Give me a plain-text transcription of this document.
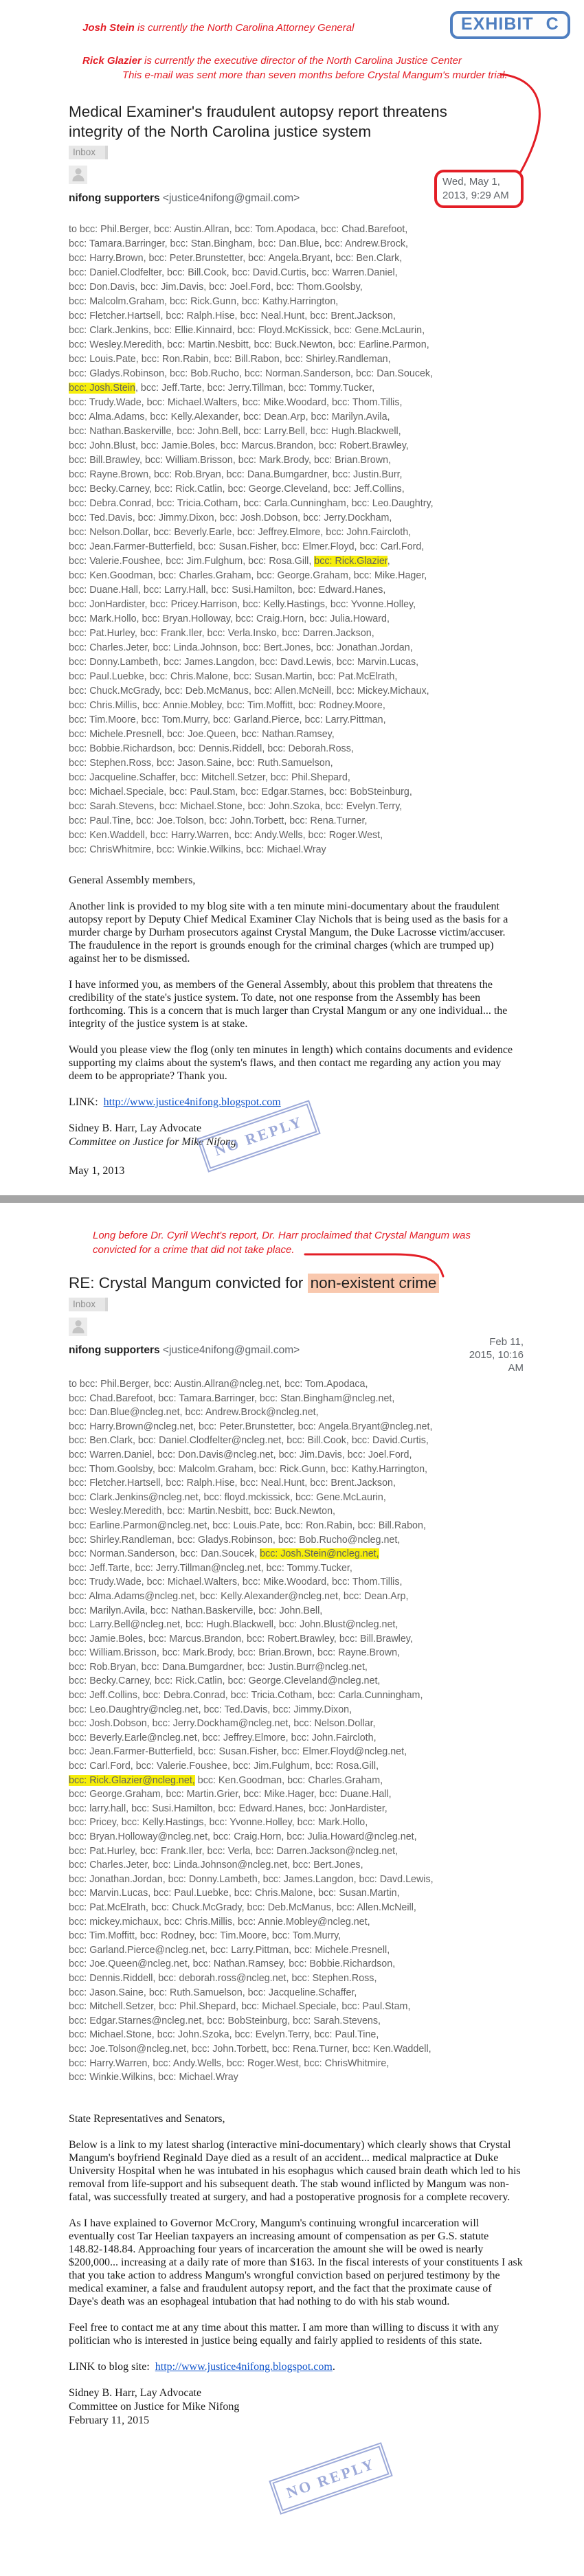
Josh Stein is currently the North Carolina Attorney General
Rick Glazier is currently the executive director of the North Carolina Justice Center
This e-mail was sent more than seven months before Crystal Mangum's murder trial.
EXHIBIT C
Medical Examiner's fraudulent autopsy report threatens integrity of the North Carolina justice system
Inbox
nifong supporters <justice4nifong@gmail.com>
Wed, May 1, 2013, 9:29 AM
to bcc: Phil.Berger, bcc: Austin.Allran, bcc: Tom.Apodaca, bcc: Chad.Barefoot,
bcc: Tamara.Barringer, bcc: Stan.Bingham, bcc: Dan.Blue, bcc: Andrew.Brock,
bcc: Harry.Brown, bcc: Peter.Brunstetter, bcc: Angela.Bryant, bcc: Ben.Clark,
bcc: Daniel.Clodfelter, bcc: Bill.Cook, bcc: David.Curtis, bcc: Warren.Daniel,
bcc: Don.Davis, bcc: Jim.Davis, bcc: Joel.Ford, bcc: Thom.Goolsby,
bcc: Malcolm.Graham, bcc: Rick.Gunn, bcc: Kathy.Harrington,
bcc: Fletcher.Hartsell, bcc: Ralph.Hise, bcc: Neal.Hunt, bcc: Brent.Jackson,
bcc: Clark.Jenkins, bcc: Ellie.Kinnaird, bcc: Floyd.McKissick, bcc: Gene.McLaurin,
bcc: Wesley.Meredith, bcc: Martin.Nesbitt, bcc: Buck.Newton, bcc: Earline.Parmon,
bcc: Louis.Pate, bcc: Ron.Rabin, bcc: Bill.Rabon, bcc: Shirley.Randleman,
bcc: Gladys.Robinson, bcc: Bob.Rucho, bcc: Norman.Sanderson, bcc: Dan.Soucek,
bcc: Josh.Stein, bcc: Jeff.Tarte, bcc: Jerry.Tillman, bcc: Tommy.Tucker,
bcc: Trudy.Wade, bcc: Michael.Walters, bcc: Mike.Woodard, bcc: Thom.Tillis,
bcc: Alma.Adams, bcc: Kelly.Alexander, bcc: Dean.Arp, bcc: Marilyn.Avila,
bcc: Nathan.Baskerville, bcc: John.Bell, bcc: Larry.Bell, bcc: Hugh.Blackwell,
bcc: John.Blust, bcc: Jamie.Boles, bcc: Marcus.Brandon, bcc: Robert.Brawley,
bcc: Bill.Brawley, bcc: William.Brisson, bcc: Mark.Brody, bcc: Brian.Brown,
bcc: Rayne.Brown, bcc: Rob.Bryan, bcc: Dana.Bumgardner, bcc: Justin.Burr,
bcc: Becky.Carney, bcc: Rick.Catlin, bcc: George.Cleveland, bcc: Jeff.Collins,
bcc: Debra.Conrad, bcc: Tricia.Cotham, bcc: Carla.Cunningham, bcc: Leo.Daughtry,
bcc: Ted.Davis, bcc: Jimmy.Dixon, bcc: Josh.Dobson, bcc: Jerry.Dockham,
bcc: Nelson.Dollar, bcc: Beverly.Earle, bcc: Jeffrey.Elmore, bcc: John.Faircloth,
bcc: Jean.Farmer-Butterfield, bcc: Susan.Fisher, bcc: Elmer.Floyd, bcc: Carl.Ford,
bcc: Valerie.Foushee, bcc: Jim.Fulghum, bcc: Rosa.Gill, bcc: Rick.Glazier,
bcc: Ken.Goodman, bcc: Charles.Graham, bcc: George.Graham, bcc: Mike.Hager,
bcc: Duane.Hall, bcc: Larry.Hall, bcc: Susi.Hamilton, bcc: Edward.Hanes,
bcc: JonHardister, bcc: Pricey.Harrison, bcc: Kelly.Hastings, bcc: Yvonne.Holley,
bcc: Mark.Hollo, bcc: Bryan.Holloway, bcc: Craig.Horn, bcc: Julia.Howard,
bcc: Pat.Hurley, bcc: Frank.Iler, bcc: Verla.Insko, bcc: Darren.Jackson,
bcc: Charles.Jeter, bcc: Linda.Johnson, bcc: Bert.Jones, bcc: Jonathan.Jordan,
bcc: Donny.Lambeth, bcc: James.Langdon, bcc: Davd.Lewis, bcc: Marvin.Lucas,
bcc: Paul.Luebke, bcc: Chris.Malone, bcc: Susan.Martin, bcc: Pat.McElrath,
bcc: Chuck.McGrady, bcc: Deb.McManus, bcc: Allen.McNeill, bcc: Mickey.Michaux,
bcc: Chris.Millis, bcc: Annie.Mobley, bcc: Tim.Moffitt, bcc: Rodney.Moore,
bcc: Tim.Moore, bcc: Tom.Murry, bcc: Garland.Pierce, bcc: Larry.Pittman,
bcc: Michele.Presnell, bcc: Joe.Queen, bcc: Nathan.Ramsey,
bcc: Bobbie.Richardson, bcc: Dennis.Riddell, bcc: Deborah.Ross,
bcc: Stephen.Ross, bcc: Jason.Saine, bcc: Ruth.Samuelson,
bcc: Jacqueline.Schaffer, bcc: Mitchell.Setzer, bcc: Phil.Shepard,
bcc: Michael.Speciale, bcc: Paul.Stam, bcc: Edgar.Starnes, bcc: BobSteinburg,
bcc: Sarah.Stevens, bcc: Michael.Stone, bcc: John.Szoka, bcc: Evelyn.Terry,
bcc: Paul.Tine, bcc: Joe.Tolson, bcc: John.Torbett, bcc: Rena.Turner,
bcc: Ken.Waddell, bcc: Harry.Warren, bcc: Andy.Wells, bcc: Roger.West,
bcc: ChrisWhitmire, bcc: Winkie.Wilkins, bcc: Michael.Wray

General Assembly members,

Another link is provided to my blog site with a ten minute mini-documentary about the fraudulent autopsy report by Deputy Chief Medical Examiner Clay Nichols that is being used as the basis for a murder charge by Durham prosecutors against Crystal Mangum, the Duke Lacrosse victim/accuser. The fraudulence in the report is grounds enough for the criminal charges (which are trumped up) against her to be dismissed.

I have informed you, as members of the General Assembly, about this problem that threatens the credibility of the state's justice system. To date, not one response from the Assembly has been forthcoming. This is a concern that is much larger than Crystal Mangum or any one individual... the integrity of the justice system is at stake.

Would you please view the flog (only ten minutes in length) which contains documents and evidence supporting my claims about the system's flaws, and then contact me regarding any action you may deem to be appropriate? Thank you.

LINK: http://www.justice4nifong.blogspot.com

Sidney B. Harr, Lay Advocate
Committee on Justice for Mike Nifong
May 1, 2013
NO REPLY
Long before Dr. Cyril Wecht's report, Dr. Harr proclaimed that Crystal Mangum was convicted for a crime that did not take place.
RE: Crystal Mangum convicted for non-existent crime
Inbox
nifong supporters <justice4nifong@gmail.com>
Feb 11, 2015, 10:16 AM
to bcc: Phil.Berger, bcc: Austin.Allran@ncleg.net, bcc: Tom.Apodaca,
bcc: Chad.Barefoot, bcc: Tamara.Barringer, bcc: Stan.Bingham@ncleg.net,
bcc: Dan.Blue@ncleg.net, bcc: Andrew.Brock@ncleg.net,
bcc: Harry.Brown@ncleg.net, bcc: Peter.Brunstetter, bcc: Angela.Bryant@ncleg.net,
bcc: Ben.Clark, bcc: Daniel.Clodfelter@ncleg.net, bcc: Bill.Cook, bcc: David.Curtis,
bcc: Warren.Daniel, bcc: Don.Davis@ncleg.net, bcc: Jim.Davis, bcc: Joel.Ford,
bcc: Thom.Goolsby, bcc: Malcolm.Graham, bcc: Rick.Gunn, bcc: Kathy.Harrington,
bcc: Fletcher.Hartsell, bcc: Ralph.Hise, bcc: Neal.Hunt, bcc: Brent.Jackson,
bcc: Clark.Jenkins@ncleg.net, bcc: floyd.mckissick, bcc: Gene.McLaurin,
bcc: Wesley.Meredith, bcc: Martin.Nesbitt, bcc: Buck.Newton,
bcc: Earline.Parmon@ncleg.net, bcc: Louis.Pate, bcc: Ron.Rabin, bcc: Bill.Rabon,
bcc: Shirley.Randleman, bcc: Gladys.Robinson, bcc: Bob.Rucho@ncleg.net,
bcc: Norman.Sanderson, bcc: Dan.Soucek, bcc: Josh.Stein@ncleg.net,
bcc: Jeff.Tarte, bcc: Jerry.Tillman@ncleg.net, bcc: Tommy.Tucker,
bcc: Trudy.Wade, bcc: Michael.Walters, bcc: Mike.Woodard, bcc: Thom.Tillis,
bcc: Alma.Adams@ncleg.net, bcc: Kelly.Alexander@ncleg.net, bcc: Dean.Arp,
bcc: Marilyn.Avila, bcc: Nathan.Baskerville, bcc: John.Bell,
bcc: Larry.Bell@ncleg.net, bcc: Hugh.Blackwell, bcc: John.Blust@ncleg.net,
bcc: Jamie.Boles, bcc: Marcus.Brandon, bcc: Robert.Brawley, bcc: Bill.Brawley,
bcc: William.Brisson, bcc: Mark.Brody, bcc: Brian.Brown, bcc: Rayne.Brown,
bcc: Rob.Bryan, bcc: Dana.Bumgardner, bcc: Justin.Burr@ncleg.net,
bcc: Becky.Carney, bcc: Rick.Catlin, bcc: George.Cleveland@ncleg.net,
bcc: Jeff.Collins, bcc: Debra.Conrad, bcc: Tricia.Cotham, bcc: Carla.Cunningham,
bcc: Leo.Daughtry@ncleg.net, bcc: Ted.Davis, bcc: Jimmy.Dixon,
bcc: Josh.Dobson, bcc: Jerry.Dockham@ncleg.net, bcc: Nelson.Dollar,
bcc: Beverly.Earle@ncleg.net, bcc: Jeffrey.Elmore, bcc: John.Faircloth,
bcc: Jean.Farmer-Butterfield, bcc: Susan.Fisher, bcc: Elmer.Floyd@ncleg.net,
bcc: Carl.Ford, bcc: Valerie.Foushee, bcc: Jim.Fulghum, bcc: Rosa.Gill,
bcc: Rick.Glazier@ncleg.net, bcc: Ken.Goodman, bcc: Charles.Graham,
bcc: George.Graham, bcc: Martin.Grier, bcc: Mike.Hager, bcc: Duane.Hall,
bcc: larry.hall, bcc: Susi.Hamilton, bcc: Edward.Hanes, bcc: JonHardister,
bcc: Pricey, bcc: Kelly.Hastings, bcc: Yvonne.Holley, bcc: Mark.Hollo,
bcc: Bryan.Holloway@ncleg.net, bcc: Craig.Horn, bcc: Julia.Howard@ncleg.net,
bcc: Pat.Hurley, bcc: Frank.Iler, bcc: Verla, bcc: Darren.Jackson@ncleg.net,
bcc: Charles.Jeter, bcc: Linda.Johnson@ncleg.net, bcc: Bert.Jones,
bcc: Jonathan.Jordan, bcc: Donny.Lambeth, bcc: James.Langdon, bcc: Davd.Lewis,
bcc: Marvin.Lucas, bcc: Paul.Luebke, bcc: Chris.Malone, bcc: Susan.Martin,
bcc: Pat.McElrath, bcc: Chuck.McGrady, bcc: Deb.McManus, bcc: Allen.McNeill,
bcc: mickey.michaux, bcc: Chris.Millis, bcc: Annie.Mobley@ncleg.net,
bcc: Tim.Moffitt, bcc: Rodney, bcc: Tim.Moore, bcc: Tom.Murry,
bcc: Garland.Pierce@ncleg.net, bcc: Larry.Pittman, bcc: Michele.Presnell,
bcc: Joe.Queen@ncleg.net, bcc: Nathan.Ramsey, bcc: Bobbie.Richardson,
bcc: Dennis.Riddell, bcc: deborah.ross@ncleg.net, bcc: Stephen.Ross,
bcc: Jason.Saine, bcc: Ruth.Samuelson, bcc: Jacqueline.Schaffer,
bcc: Mitchell.Setzer, bcc: Phil.Shepard, bcc: Michael.Speciale, bcc: Paul.Stam,
bcc: Edgar.Starnes@ncleg.net, bcc: BobSteinburg, bcc: Sarah.Stevens,
bcc: Michael.Stone, bcc: John.Szoka, bcc: Evelyn.Terry, bcc: Paul.Tine,
bcc: Joe.Tolson@ncleg.net, bcc: John.Torbett, bcc: Rena.Turner, bcc: Ken.Waddell,
bcc: Harry.Warren, bcc: Andy.Wells, bcc: Roger.West, bcc: ChrisWhitmire,
bcc: Winkie.Wilkins, bcc: Michael.Wray

State Representatives and Senators,

Below is a link to my latest sharlog (interactive mini-documentary) which clearly shows that Crystal Mangum's boyfriend Reginald Daye died as a result of an accident... medical malpractice at Duke University Hospital when he was intubated in his esophagus which caused brain death which led to his removal from life-support and his subsequent death. The stab wound inflicted by Mangum was non-fatal, was successfully treated at surgery, and had a postoperative prognosis for a complete recovery.

As I have explained to Governor McCrory, Mangum's continuing wrongful incarceration will eventually cost Tar Heelian taxpayers an increasing amount of compensation as per G.S. statute 148.82-148.84. Approaching four years of incarceration the amount she will be owed is nearly $200,000... increasing at a daily rate of more than $163. In the fiscal interests of your constituents I ask that you take action to address Mangum's wrongful conviction based on perjured testimony by the medical examiner, a false and fraudulent autopsy report, and the fact that the proximate cause of Daye's death was an esophageal intubation that had nothing to do with his stab wound.

Feel free to contact me at any time about this matter. I am more than willing to discuss it with any politician who is interested in justice being equally and fairly applied to residents of this state.

LINK to blog site: http://www.justice4nifong.blogspot.com.

Sidney B. Harr, Lay Advocate
Committee on Justice for Mike Nifong
February 11, 2015
NO REPLY
